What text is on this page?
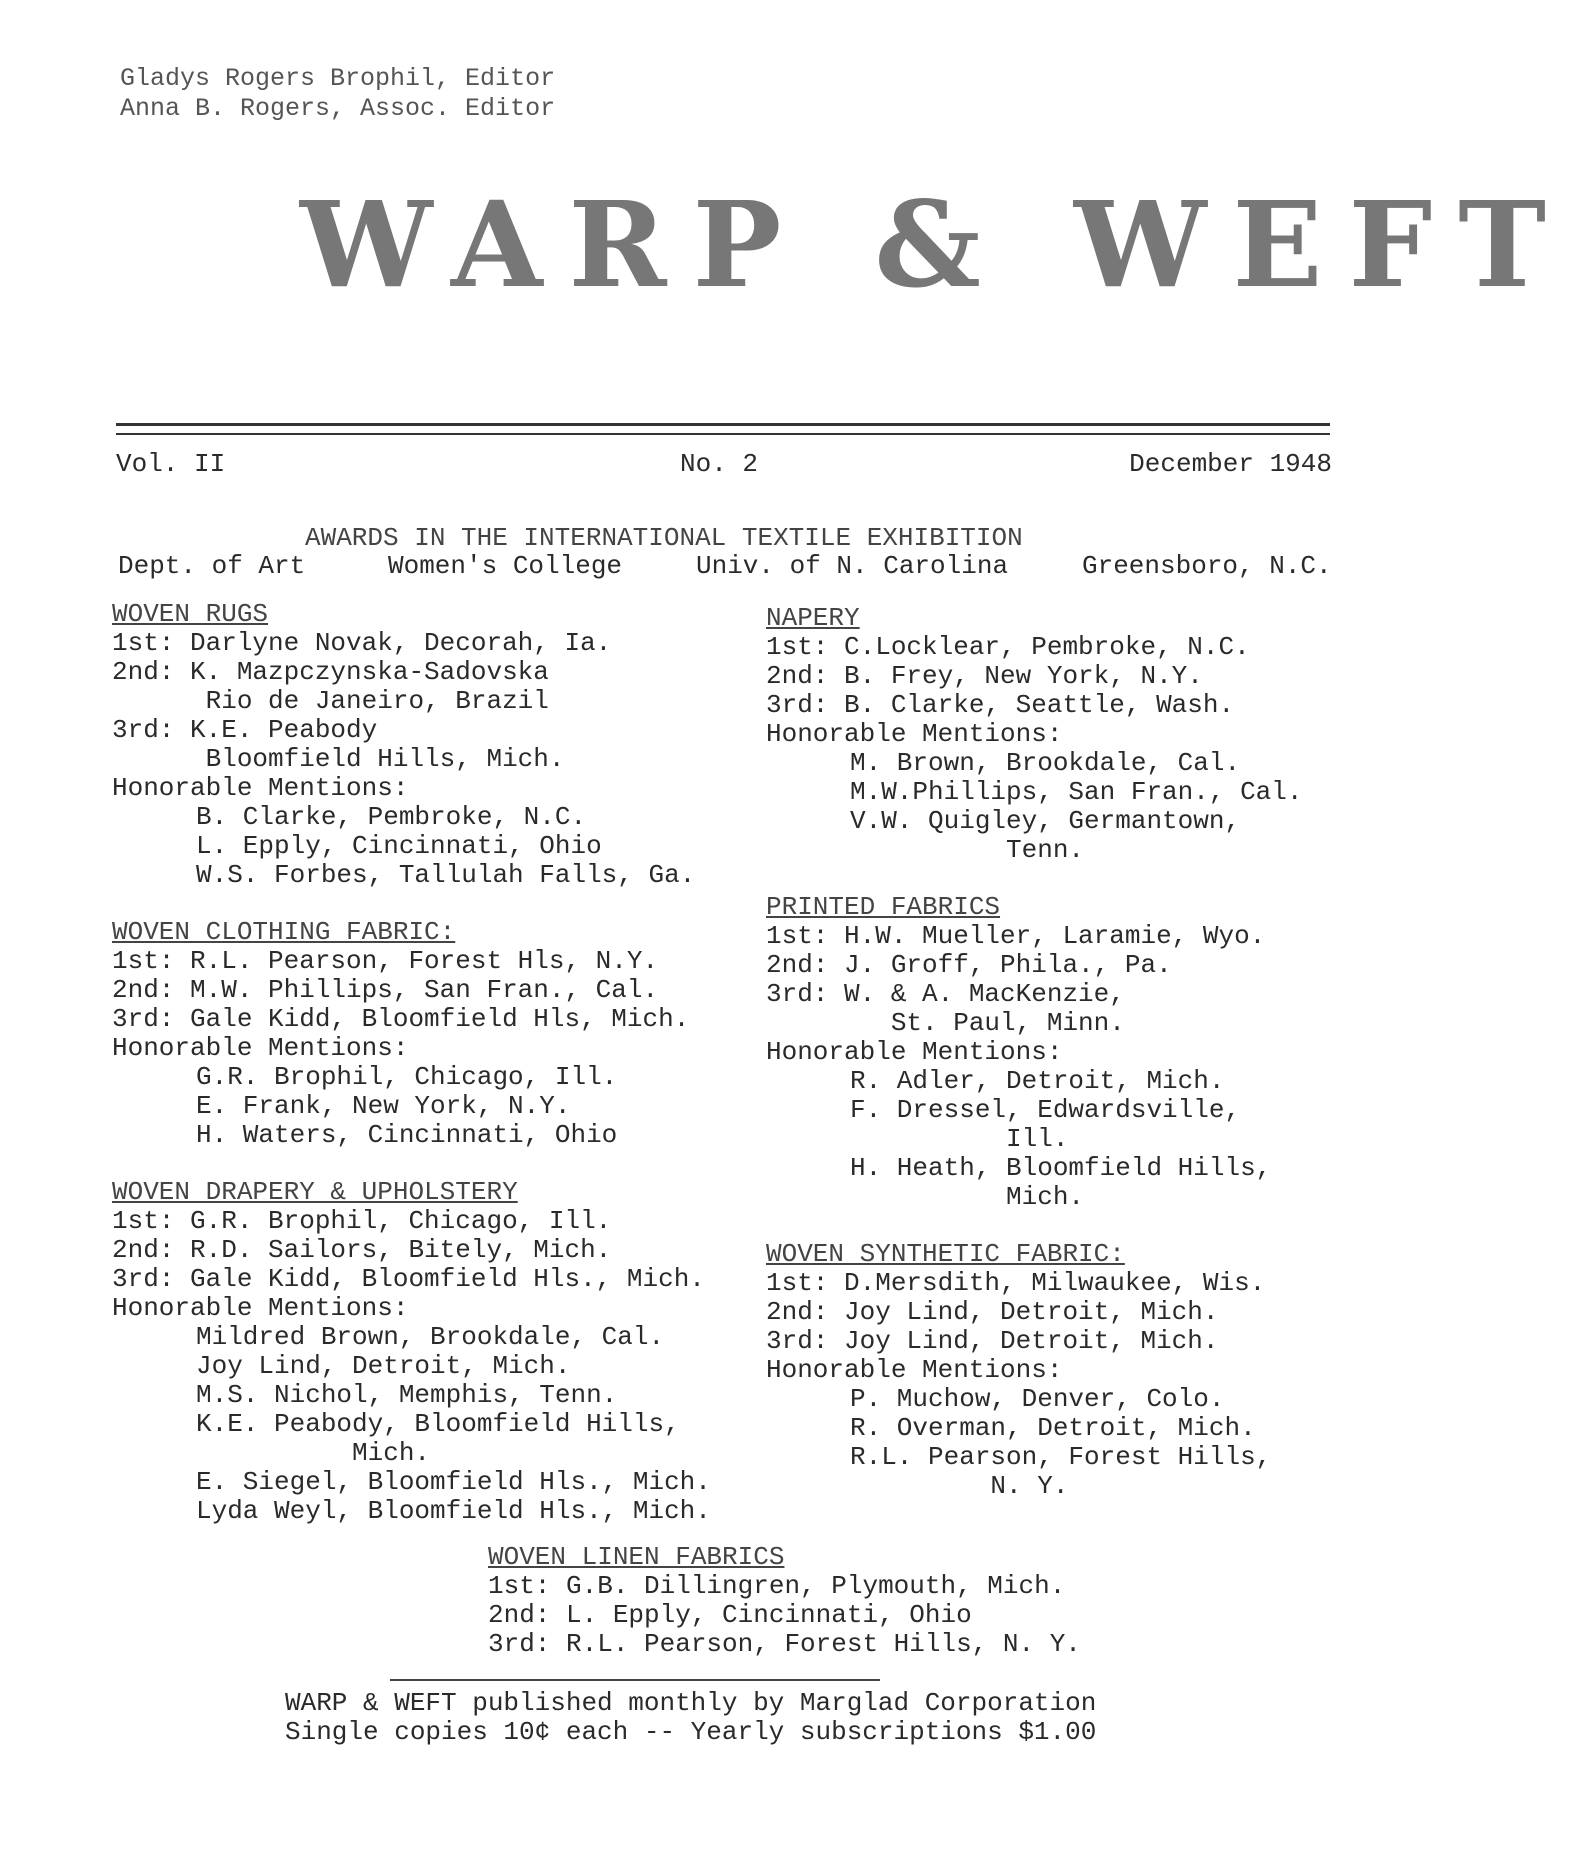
Gladys Rogers Brophil, Editor
Anna B. Rogers, Assoc. Editor
WARP & WEFT
Vol. II	No. 2	December 1948
AWARDS IN THE INTERNATIONAL TEXTILE EXHIBITION
Dept. of Art	Women's College	Univ. of N. Carolina	Greensboro, N.C.
WOVEN RUGS
1st: Darlyne Novak, Decorah, Ia.
2nd: K. Mazpczynska-Sadovska
Rio de Janeiro, Brazil
3rd: K.E. Peabody
Bloomfield Hills, Mich.
Honorable Mentions:
B. Clarke, Pembroke, N.C.
L. Epply, Cincinnati, Ohio
W.S. Forbes, Tallulah Falls, Ga.
WOVEN CLOTHING FABRIC:
1st: R.L. Pearson, Forest Hls, N.Y.
2nd: M.W. Phillips, San Fran., Cal.
3rd: Gale Kidd, Bloomfield Hls, Mich.
Honorable Mentions:
G.R. Brophil, Chicago, Ill.
E. Frank, New York, N.Y.
H. Waters, Cincinnati, Ohio
WOVEN DRAPERY & UPHOLSTERY
1st: G.R. Brophil, Chicago, Ill.
2nd: R.D. Sailors, Bitely, Mich.
3rd: Gale Kidd, Bloomfield Hls., Mich.
Honorable Mentions:
Mildred Brown, Brookdale, Cal.
Joy Lind, Detroit, Mich.
M.S. Nichol, Memphis, Tenn.
K.E. Peabody, Bloomfield Hills,
Mich.
E. Siegel, Bloomfield Hls., Mich.
Lyda Weyl, Bloomfield Hls., Mich.
NAPERY
1st: C.Locklear, Pembroke, N.C.
2nd: B. Frey, New York, N.Y.
3rd: B. Clarke, Seattle, Wash.
Honorable Mentions:
M. Brown, Brookdale, Cal.
M.W.Phillips, San Fran., Cal.
V.W. Quigley, Germantown,
Tenn.
PRINTED FABRICS
1st: H.W. Mueller, Laramie, Wyo.
2nd: J. Groff, Phila., Pa.
3rd: W. & A. MacKenzie,
St. Paul, Minn.
Honorable Mentions:
R. Adler, Detroit, Mich.
F. Dressel, Edwardsville,
Ill.
H. Heath, Bloomfield Hills,
Mich.
WOVEN SYNTHETIC FABRIC:
1st: D.Mersdith, Milwaukee, Wis.
2nd: Joy Lind, Detroit, Mich.
3rd: Joy Lind, Detroit, Mich.
Honorable Mentions:
P. Muchow, Denver, Colo.
R. Overman, Detroit, Mich.
R.L. Pearson, Forest Hills,
N. Y.
WOVEN LINEN FABRICS
1st: G.B. Dillingren, Plymouth, Mich.
2nd: L. Epply, Cincinnati, Ohio
3rd: R.L. Pearson, Forest Hills, N. Y.
WARP & WEFT published monthly by Marglad Corporation
Single copies 10¢ each -- Yearly subscriptions $1.00
